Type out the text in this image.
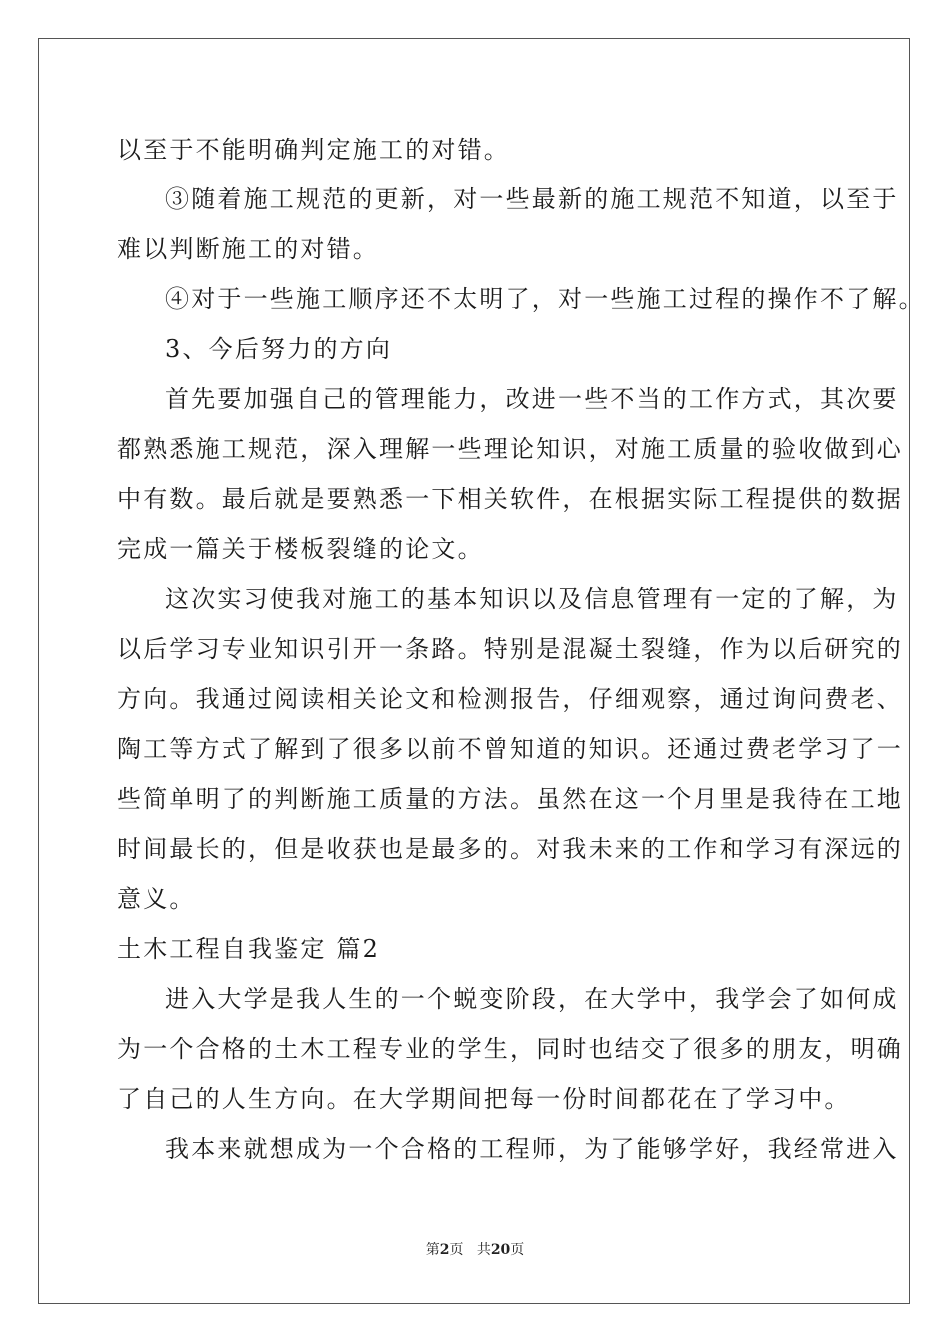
以至于不能明确判定施工的对错。
③随着施工规范的更新，对一些最新的施工规范不知道，以至于
难以判断施工的对错。
④对于一些施工顺序还不太明了，对一些施工过程的操作不了解。
3、今后努力的方向
首先要加强自己的管理能力，改进一些不当的工作方式，其次要
都熟悉施工规范，深入理解一些理论知识，对施工质量的验收做到心
中有数。最后就是要熟悉一下相关软件，在根据实际工程提供的数据
完成一篇关于楼板裂缝的论文。
这次实习使我对施工的基本知识以及信息管理有一定的了解，为
以后学习专业知识引开一条路。特别是混凝土裂缝，作为以后研究的
方向。我通过阅读相关论文和检测报告，仔细观察，通过询问费老、
陶工等方式了解到了很多以前不曾知道的知识。还通过费老学习了一
些简单明了的判断施工质量的方法。虽然在这一个月里是我待在工地
时间最长的，但是收获也是最多的。对我未来的工作和学习有深远的
意义。
土木工程自我鉴定 篇2
进入大学是我人生的一个蜕变阶段，在大学中，我学会了如何成
为一个合格的土木工程专业的学生，同时也结交了很多的朋友，明确
了自己的人生方向。在大学期间把每一份时间都花在了学习中。
我本来就想成为一个合格的工程师，为了能够学好，我经常进入
第2页 共20页
